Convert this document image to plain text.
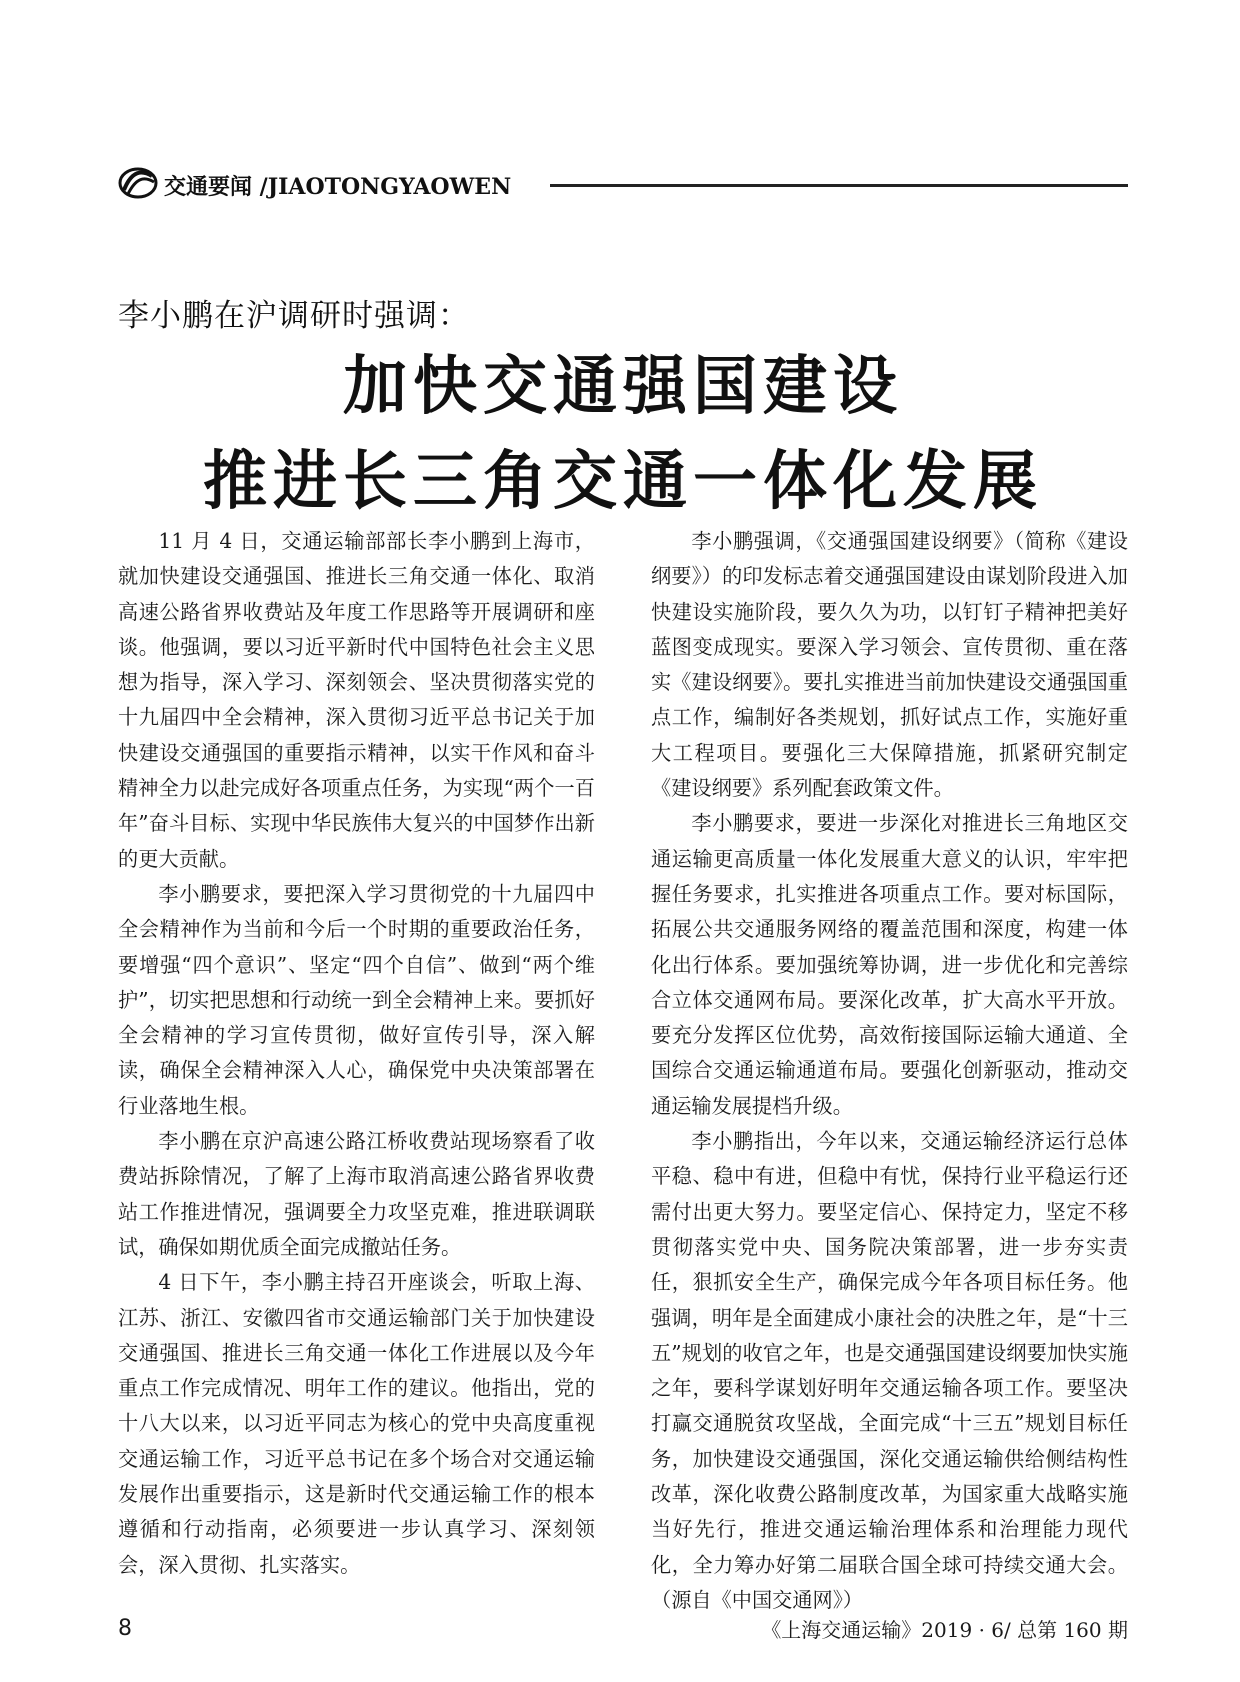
交通要闻 /JIAOTONGYAOWEN
李小鹏在沪调研时强调：
加快交通强国建设
推进长三角交通一体化发展

11 月 4 日，交通运输部部长李小鹏到上海市，就加快建设交通强国、推进长三角交通一体化、取消高速公路省界收费站及年度工作思路等开展调研和座谈。他强调，要以习近平新时代中国特色社会主义思想为指导，深入学习、深刻领会、坚决贯彻落实党的十九届四中全会精神，深入贯彻习近平总书记关于加快建设交通强国的重要指示精神，以实干作风和奋斗精神全力以赴完成好各项重点任务，为实现“两个一百年”奋斗目标、实现中华民族伟大复兴的中国梦作出新的更大贡献。

李小鹏要求，要把深入学习贯彻党的十九届四中全会精神作为当前和今后一个时期的重要政治任务，要增强“四个意识”、坚定“四个自信”、做到“两个维护”，切实把思想和行动统一到全会精神上来。要抓好全会精神的学习宣传贯彻，做好宣传引导，深入解读，确保全会精神深入人心，确保党中央决策部署在行业落地生根。

李小鹏在京沪高速公路江桥收费站现场察看了收费站拆除情况，了解了上海市取消高速公路省界收费站工作推进情况，强调要全力攻坚克难，推进联调联试，确保如期优质全面完成撤站任务。

4 日下午，李小鹏主持召开座谈会，听取上海、江苏、浙江、安徽四省市交通运输部门关于加快建设交通强国、推进长三角交通一体化工作进展以及今年重点工作完成情况、明年工作的建议。他指出，党的十八大以来，以习近平同志为核心的党中央高度重视交通运输工作，习近平总书记在多个场合对交通运输发展作出重要指示，这是新时代交通运输工作的根本遵循和行动指南，必须要进一步认真学习、深刻领会，深入贯彻、扎实落实。

李小鹏强调，《交通强国建设纲要》（简称《建设纲要》）的印发标志着交通强国建设由谋划阶段进入加快建设实施阶段，要久久为功，以钉钉子精神把美好蓝图变成现实。要深入学习领会、宣传贯彻、重在落实《建设纲要》。要扎实推进当前加快建设交通强国重点工作，编制好各类规划，抓好试点工作，实施好重大工程项目。要强化三大保障措施，抓紧研究制定《建设纲要》系列配套政策文件。

李小鹏要求，要进一步深化对推进长三角地区交通运输更高质量一体化发展重大意义的认识，牢牢把握任务要求，扎实推进各项重点工作。要对标国际，拓展公共交通服务网络的覆盖范围和深度，构建一体化出行体系。要加强统筹协调，进一步优化和完善综合立体交通网布局。要深化改革，扩大高水平开放。要充分发挥区位优势，高效衔接国际运输大通道、全国综合交通运输通道布局。要强化创新驱动，推动交通运输发展提档升级。

李小鹏指出，今年以来，交通运输经济运行总体平稳、稳中有进，但稳中有忧，保持行业平稳运行还需付出更大努力。要坚定信心、保持定力，坚定不移贯彻落实党中央、国务院决策部署，进一步夯实责任，狠抓安全生产，确保完成今年各项目标任务。他强调，明年是全面建成小康社会的决胜之年，是“十三五”规划的收官之年，也是交通强国建设纲要加快实施之年，要科学谋划好明年交通运输各项工作。要坚决打赢交通脱贫攻坚战，全面完成“十三五”规划目标任务，加快建设交通强国，深化交通运输供给侧结构性改革，深化收费公路制度改革，为国家重大战略实施当好先行，推进交通运输治理体系和治理能力现代化，全力筹办好第二届联合国全球可持续交通大会。 （源自《中国交通网》）

8	《上海交通运输》2019 · 6/ 总第 160 期
